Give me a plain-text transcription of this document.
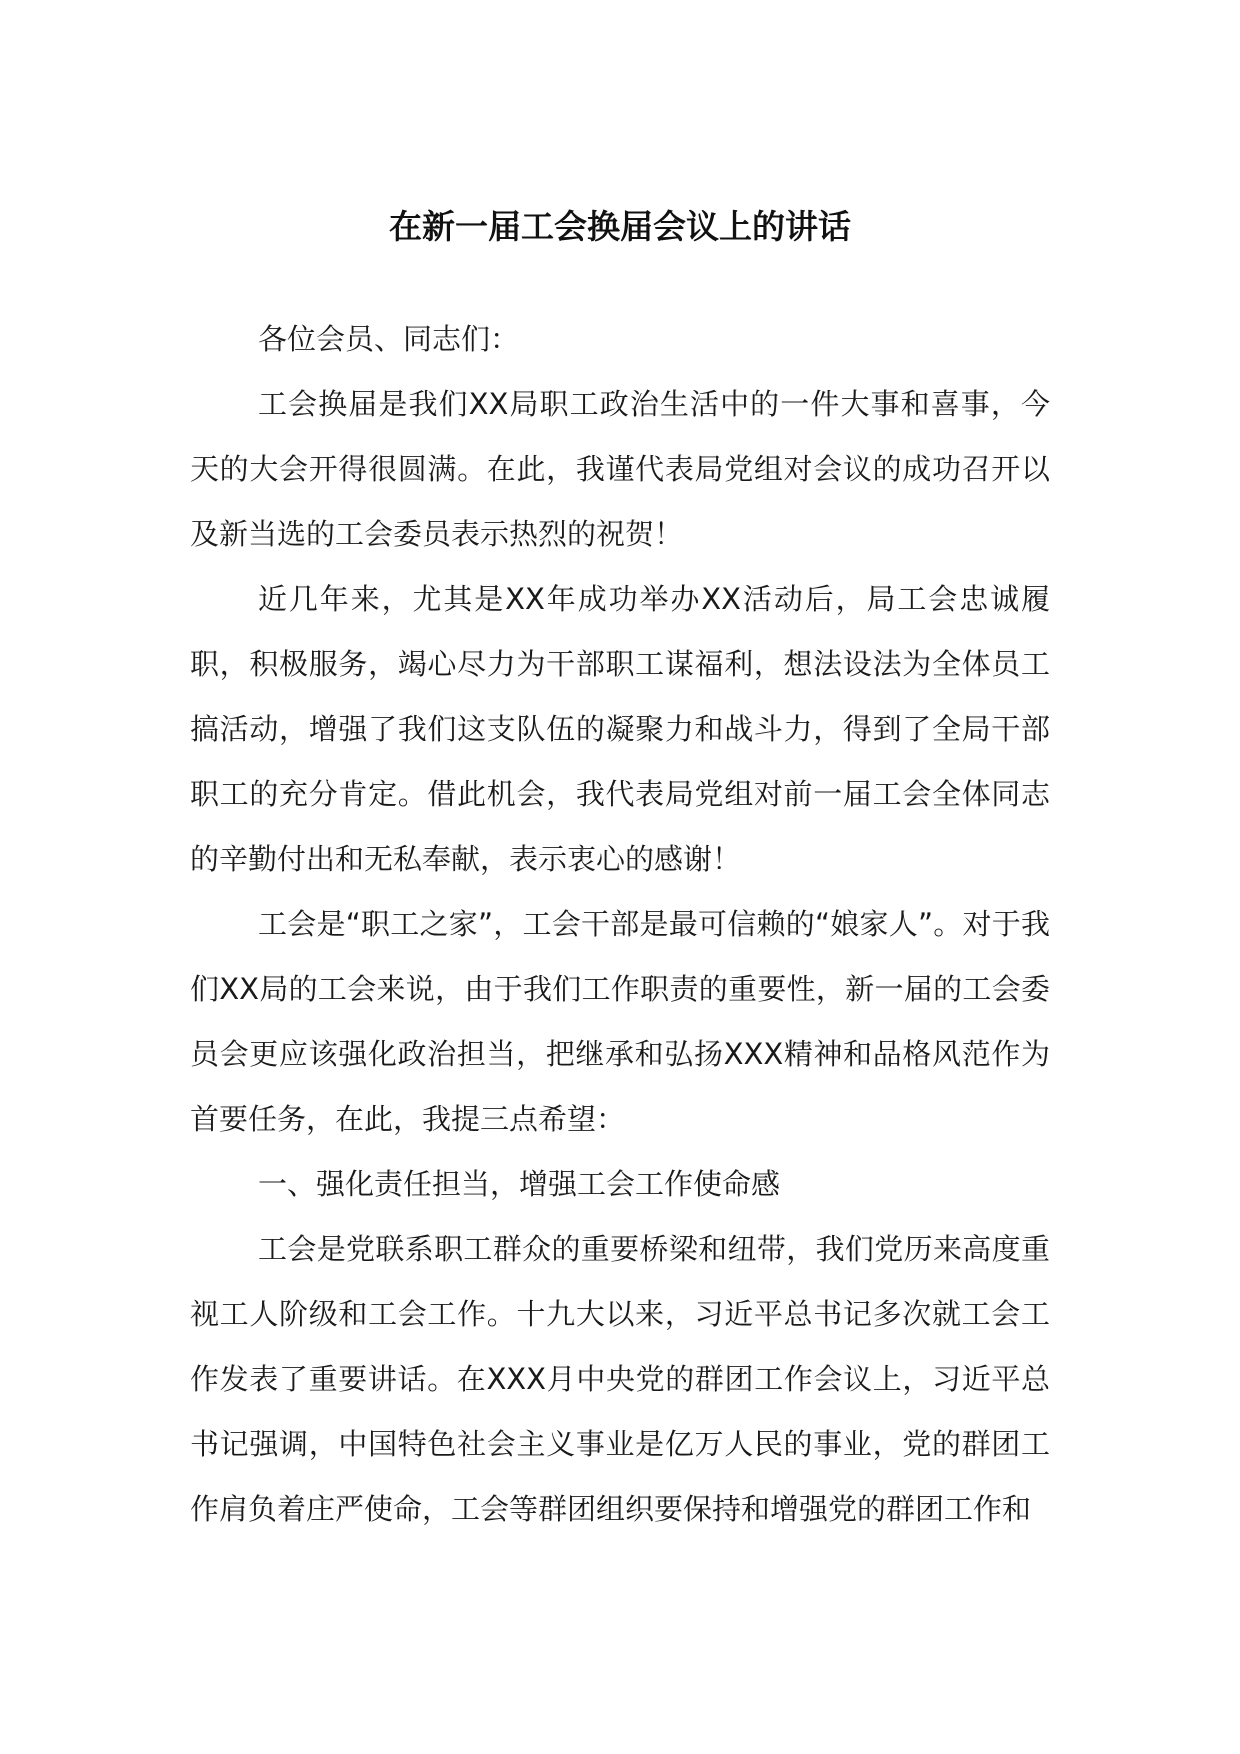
在新一届工会换届会议上的讲话

各位会员、同志们：

工会换届是我们XX局职工政治生活中的一件大事和喜事，今天的大会开得很圆满。在此，我谨代表局党组对会议的成功召开以及新当选的工会委员表示热烈的祝贺！

近几年来，尤其是XX年成功举办XX活动后，局工会忠诚履职，积极服务，竭心尽力为干部职工谋福利，想法设法为全体员工搞活动，增强了我们这支队伍的凝聚力和战斗力，得到了全局干部职工的充分肯定。借此机会，我代表局党组对前一届工会全体同志的辛勤付出和无私奉献，表示衷心的感谢！

工会是“职工之家”，工会干部是最可信赖的“娘家人”。对于我们XX局的工会来说，由于我们工作职责的重要性，新一届的工会委员会更应该强化政治担当，把继承和弘扬XXX精神和品格风范作为首要任务，在此，我提三点希望：

一、强化责任担当，增强工会工作使命感

工会是党联系职工群众的重要桥梁和纽带，我们党历来高度重视工人阶级和工会工作。十九大以来，习近平总书记多次就工会工作发表了重要讲话。在XXX月中央党的群团工作会议上，习近平总书记强调，中国特色社会主义事业是亿万人民的事业，党的群团工作肩负着庄严使命，工会等群团组织要保持和增强党的群团工作和
